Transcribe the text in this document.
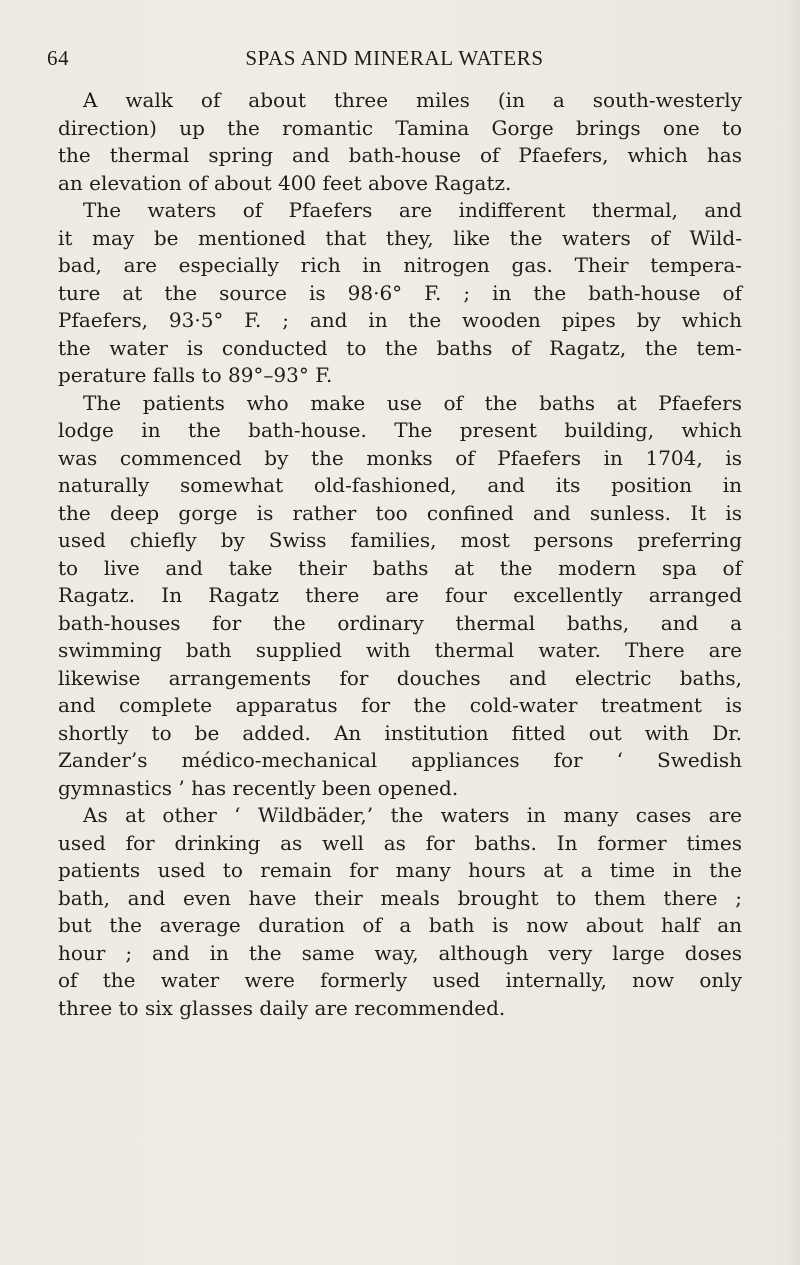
64	SPAS AND MINERAL WATERS
A walk of about three miles (in a south-westerly
direction) up the romantic Tamina Gorge brings one to
the thermal spring and bath-house of Pfaefers, which has
an elevation of about 400 feet above Ragatz.
The waters of Pfaefers are indifferent thermal, and
it may be mentioned that they, like the waters of Wild-
bad, are especially rich in nitrogen gas. Their tempera-
ture at the source is 98·6° F. ; in the bath-house of
Pfaefers, 93·5° F. ; and in the wooden pipes by which
the water is conducted to the baths of Ragatz, the tem-
perature falls to 89°–93° F.
The patients who make use of the baths at Pfaefers
lodge in the bath-house. The present building, which
was commenced by the monks of Pfaefers in 1704, is
naturally somewhat old-fashioned, and its position in
the deep gorge is rather too confined and sunless. It is
used chiefly by Swiss families, most persons preferring
to live and take their baths at the modern spa of
Ragatz. In Ragatz there are four excellently arranged
bath-houses for the ordinary thermal baths, and a
swimming bath supplied with thermal water. There are
likewise arrangements for douches and electric baths,
and complete apparatus for the cold-water treatment is
shortly to be added. An institution fitted out with Dr.
Zander’s médico-mechanical appliances for ‘ Swedish
gymnastics ’ has recently been opened.
As at other ‘ Wildbäder,’ the waters in many cases are
used for drinking as well as for baths. In former times
patients used to remain for many hours at a time in the
bath, and even have their meals brought to them there ;
but the average duration of a bath is now about half an
hour ; and in the same way, although very large doses
of the water were formerly used internally, now only
three to six glasses daily are recommended.
